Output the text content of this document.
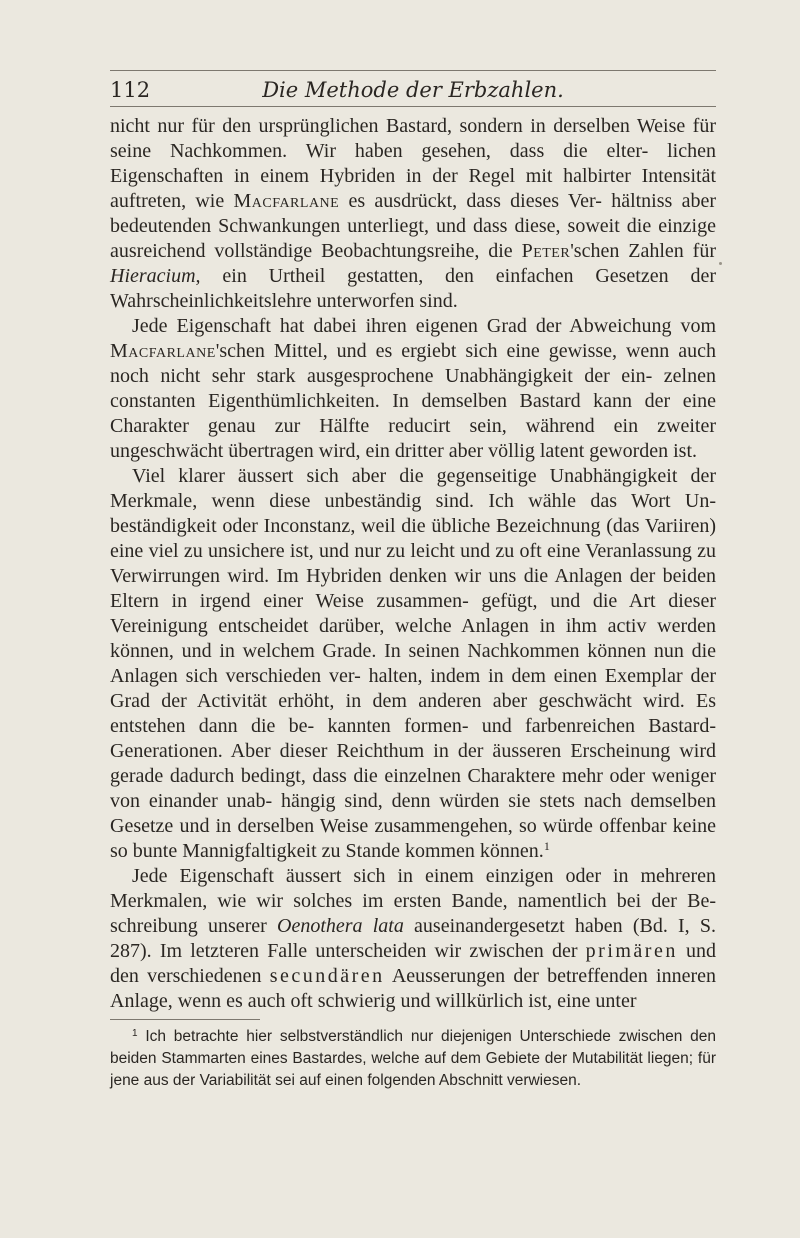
112	Die Methode der Erbzahlen.

nicht nur für den ursprünglichen Bastard, sondern in derselben Weise für seine Nachkommen. Wir haben gesehen, dass die elter- lichen Eigenschaften in einem Hybriden in der Regel mit halbirter Intensität auftreten, wie Macfarlane es ausdrückt, dass dieses Ver- hältniss aber bedeutenden Schwankungen unterliegt, und dass diese, soweit die einzige ausreichend vollständige Beobachtungsreihe, die Peter'schen Zahlen für Hieracium, ein Urtheil gestatten, den einfachen Gesetzen der Wahrscheinlichkeitslehre unterworfen sind.

Jede Eigenschaft hat dabei ihren eigenen Grad der Abweichung vom Macfarlane'schen Mittel, und es ergiebt sich eine gewisse, wenn auch noch nicht sehr stark ausgesprochene Unabhängigkeit der ein- zelnen constanten Eigenthümlichkeiten. In demselben Bastard kann der eine Charakter genau zur Hälfte reducirt sein, während ein zweiter ungeschwächt übertragen wird, ein dritter aber völlig latent geworden ist.

Viel klarer äussert sich aber die gegenseitige Unabhängigkeit der Merkmale, wenn diese unbeständig sind. Ich wähle das Wort Un- beständigkeit oder Inconstanz, weil die übliche Bezeichnung (das Variiren) eine viel zu unsichere ist, und nur zu leicht und zu oft eine Veranlassung zu Verwirrungen wird. Im Hybriden denken wir uns die Anlagen der beiden Eltern in irgend einer Weise zusammen- gefügt, und die Art dieser Vereinigung entscheidet darüber, welche Anlagen in ihm activ werden können, und in welchem Grade. In seinen Nachkommen können nun die Anlagen sich verschieden ver- halten, indem in dem einen Exemplar der Grad der Activität erhöht, in dem anderen aber geschwächt wird. Es entstehen dann die be- kannten formen- und farbenreichen Bastard-Generationen. Aber dieser Reichthum in der äusseren Erscheinung wird gerade dadurch bedingt, dass die einzelnen Charaktere mehr oder weniger von einander unab- hängig sind, denn würden sie stets nach demselben Gesetze und in derselben Weise zusammengehen, so würde offenbar keine so bunte Mannigfaltigkeit zu Stande kommen können.$^1$

Jede Eigenschaft äussert sich in einem einzigen oder in mehreren Merkmalen, wie wir solches im ersten Bande, namentlich bei der Be- schreibung unserer Oenothera lata auseinandergesetzt haben (Bd. I, S. 287). Im letzteren Falle unterscheiden wir zwischen der primären und den verschiedenen secundären Aeusserungen der betreffenden inneren Anlage, wenn es auch oft schwierig und willkürlich ist, eine unter

$^1$ Ich betrachte hier selbstverständlich nur diejenigen Unterschiede zwischen den beiden Stammarten eines Bastardes, welche auf dem Gebiete der Mutabilität liegen; für jene aus der Variabilität sei auf einen folgenden Abschnitt verwiesen.
